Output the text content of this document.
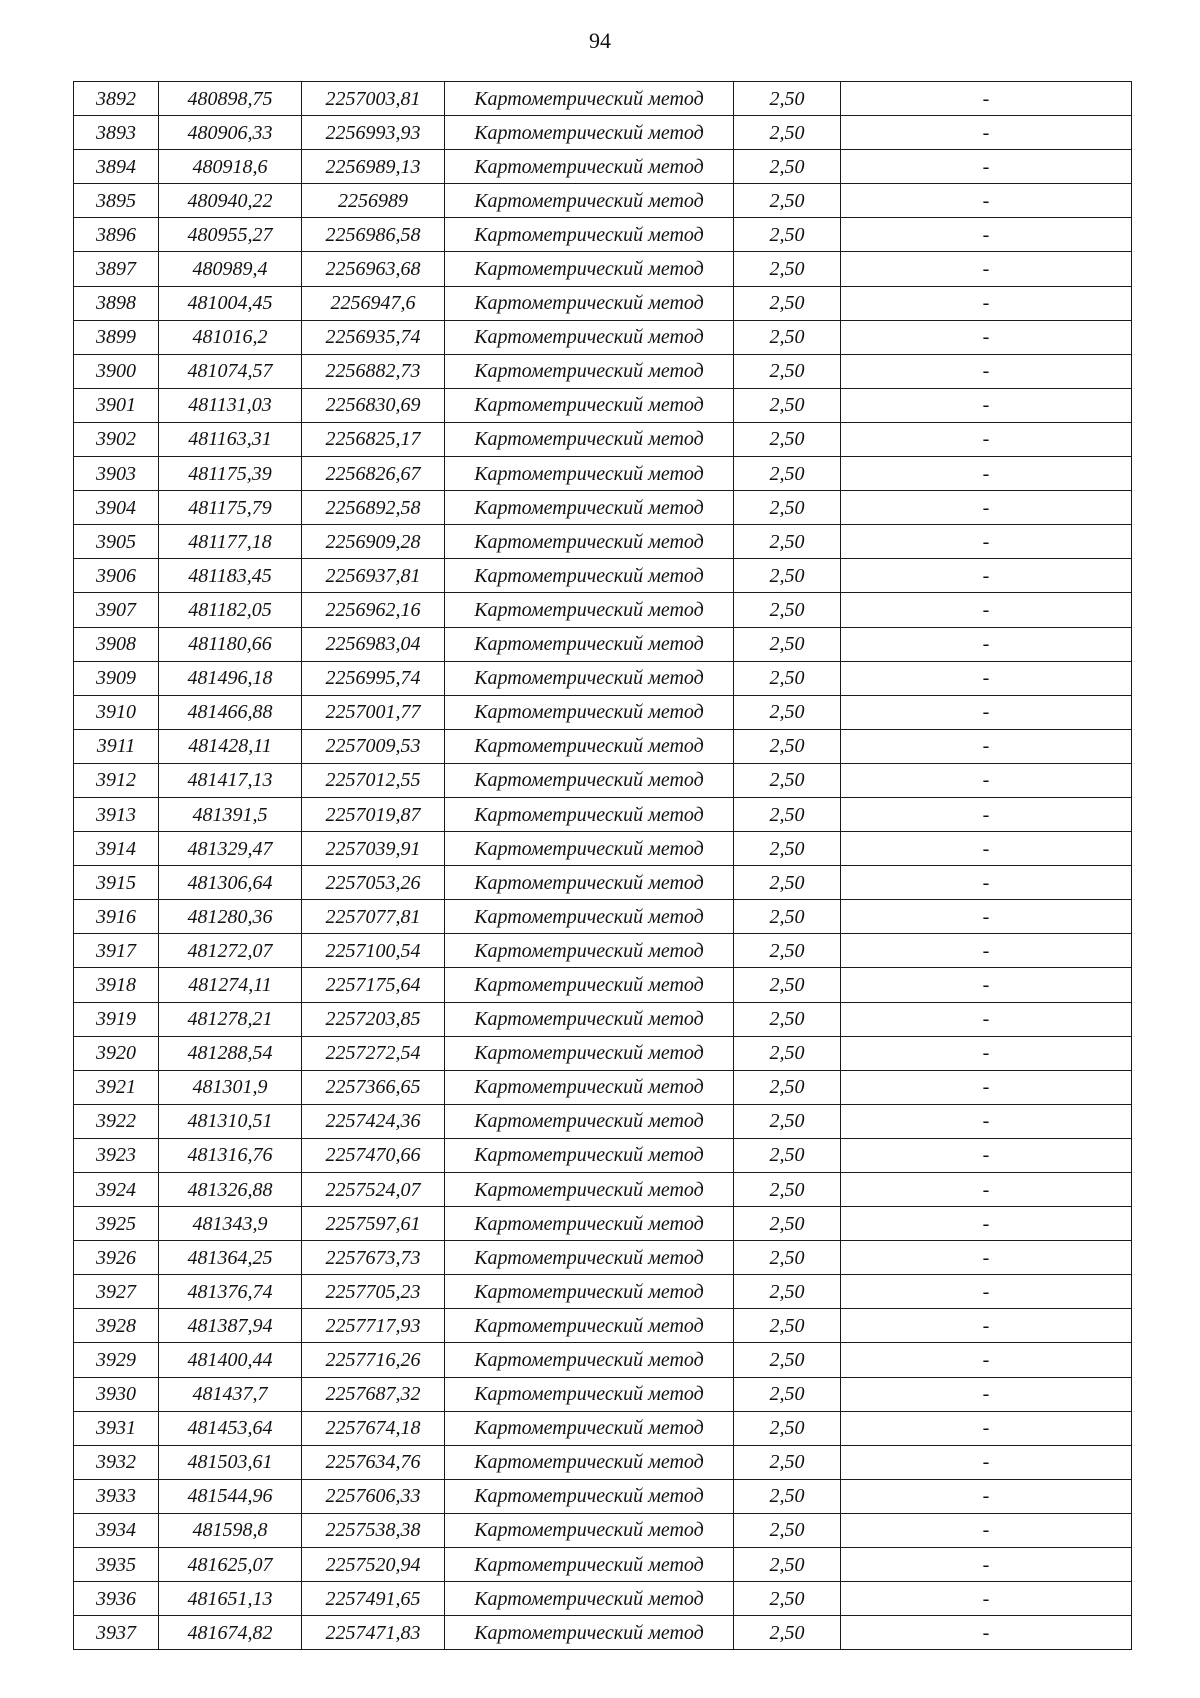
94
3892	480898,75	2257003,81	Картометрический метод	2,50	-
3893	480906,33	2256993,93	Картометрический метод	2,50	-
3894	480918,6	2256989,13	Картометрический метод	2,50	-
3895	480940,22	2256989	Картометрический метод	2,50	-
3896	480955,27	2256986,58	Картометрический метод	2,50	-
3897	480989,4	2256963,68	Картометрический метод	2,50	-
3898	481004,45	2256947,6	Картометрический метод	2,50	-
3899	481016,2	2256935,74	Картометрический метод	2,50	-
3900	481074,57	2256882,73	Картометрический метод	2,50	-
3901	481131,03	2256830,69	Картометрический метод	2,50	-
3902	481163,31	2256825,17	Картометрический метод	2,50	-
3903	481175,39	2256826,67	Картометрический метод	2,50	-
3904	481175,79	2256892,58	Картометрический метод	2,50	-
3905	481177,18	2256909,28	Картометрический метод	2,50	-
3906	481183,45	2256937,81	Картометрический метод	2,50	-
3907	481182,05	2256962,16	Картометрический метод	2,50	-
3908	481180,66	2256983,04	Картометрический метод	2,50	-
3909	481496,18	2256995,74	Картометрический метод	2,50	-
3910	481466,88	2257001,77	Картометрический метод	2,50	-
3911	481428,11	2257009,53	Картометрический метод	2,50	-
3912	481417,13	2257012,55	Картометрический метод	2,50	-
3913	481391,5	2257019,87	Картометрический метод	2,50	-
3914	481329,47	2257039,91	Картометрический метод	2,50	-
3915	481306,64	2257053,26	Картометрический метод	2,50	-
3916	481280,36	2257077,81	Картометрический метод	2,50	-
3917	481272,07	2257100,54	Картометрический метод	2,50	-
3918	481274,11	2257175,64	Картометрический метод	2,50	-
3919	481278,21	2257203,85	Картометрический метод	2,50	-
3920	481288,54	2257272,54	Картометрический метод	2,50	-
3921	481301,9	2257366,65	Картометрический метод	2,50	-
3922	481310,51	2257424,36	Картометрический метод	2,50	-
3923	481316,76	2257470,66	Картометрический метод	2,50	-
3924	481326,88	2257524,07	Картометрический метод	2,50	-
3925	481343,9	2257597,61	Картометрический метод	2,50	-
3926	481364,25	2257673,73	Картометрический метод	2,50	-
3927	481376,74	2257705,23	Картометрический метод	2,50	-
3928	481387,94	2257717,93	Картометрический метод	2,50	-
3929	481400,44	2257716,26	Картометрический метод	2,50	-
3930	481437,7	2257687,32	Картометрический метод	2,50	-
3931	481453,64	2257674,18	Картометрический метод	2,50	-
3932	481503,61	2257634,76	Картометрический метод	2,50	-
3933	481544,96	2257606,33	Картометрический метод	2,50	-
3934	481598,8	2257538,38	Картометрический метод	2,50	-
3935	481625,07	2257520,94	Картометрический метод	2,50	-
3936	481651,13	2257491,65	Картометрический метод	2,50	-
3937	481674,82	2257471,83	Картометрический метод	2,50	-
